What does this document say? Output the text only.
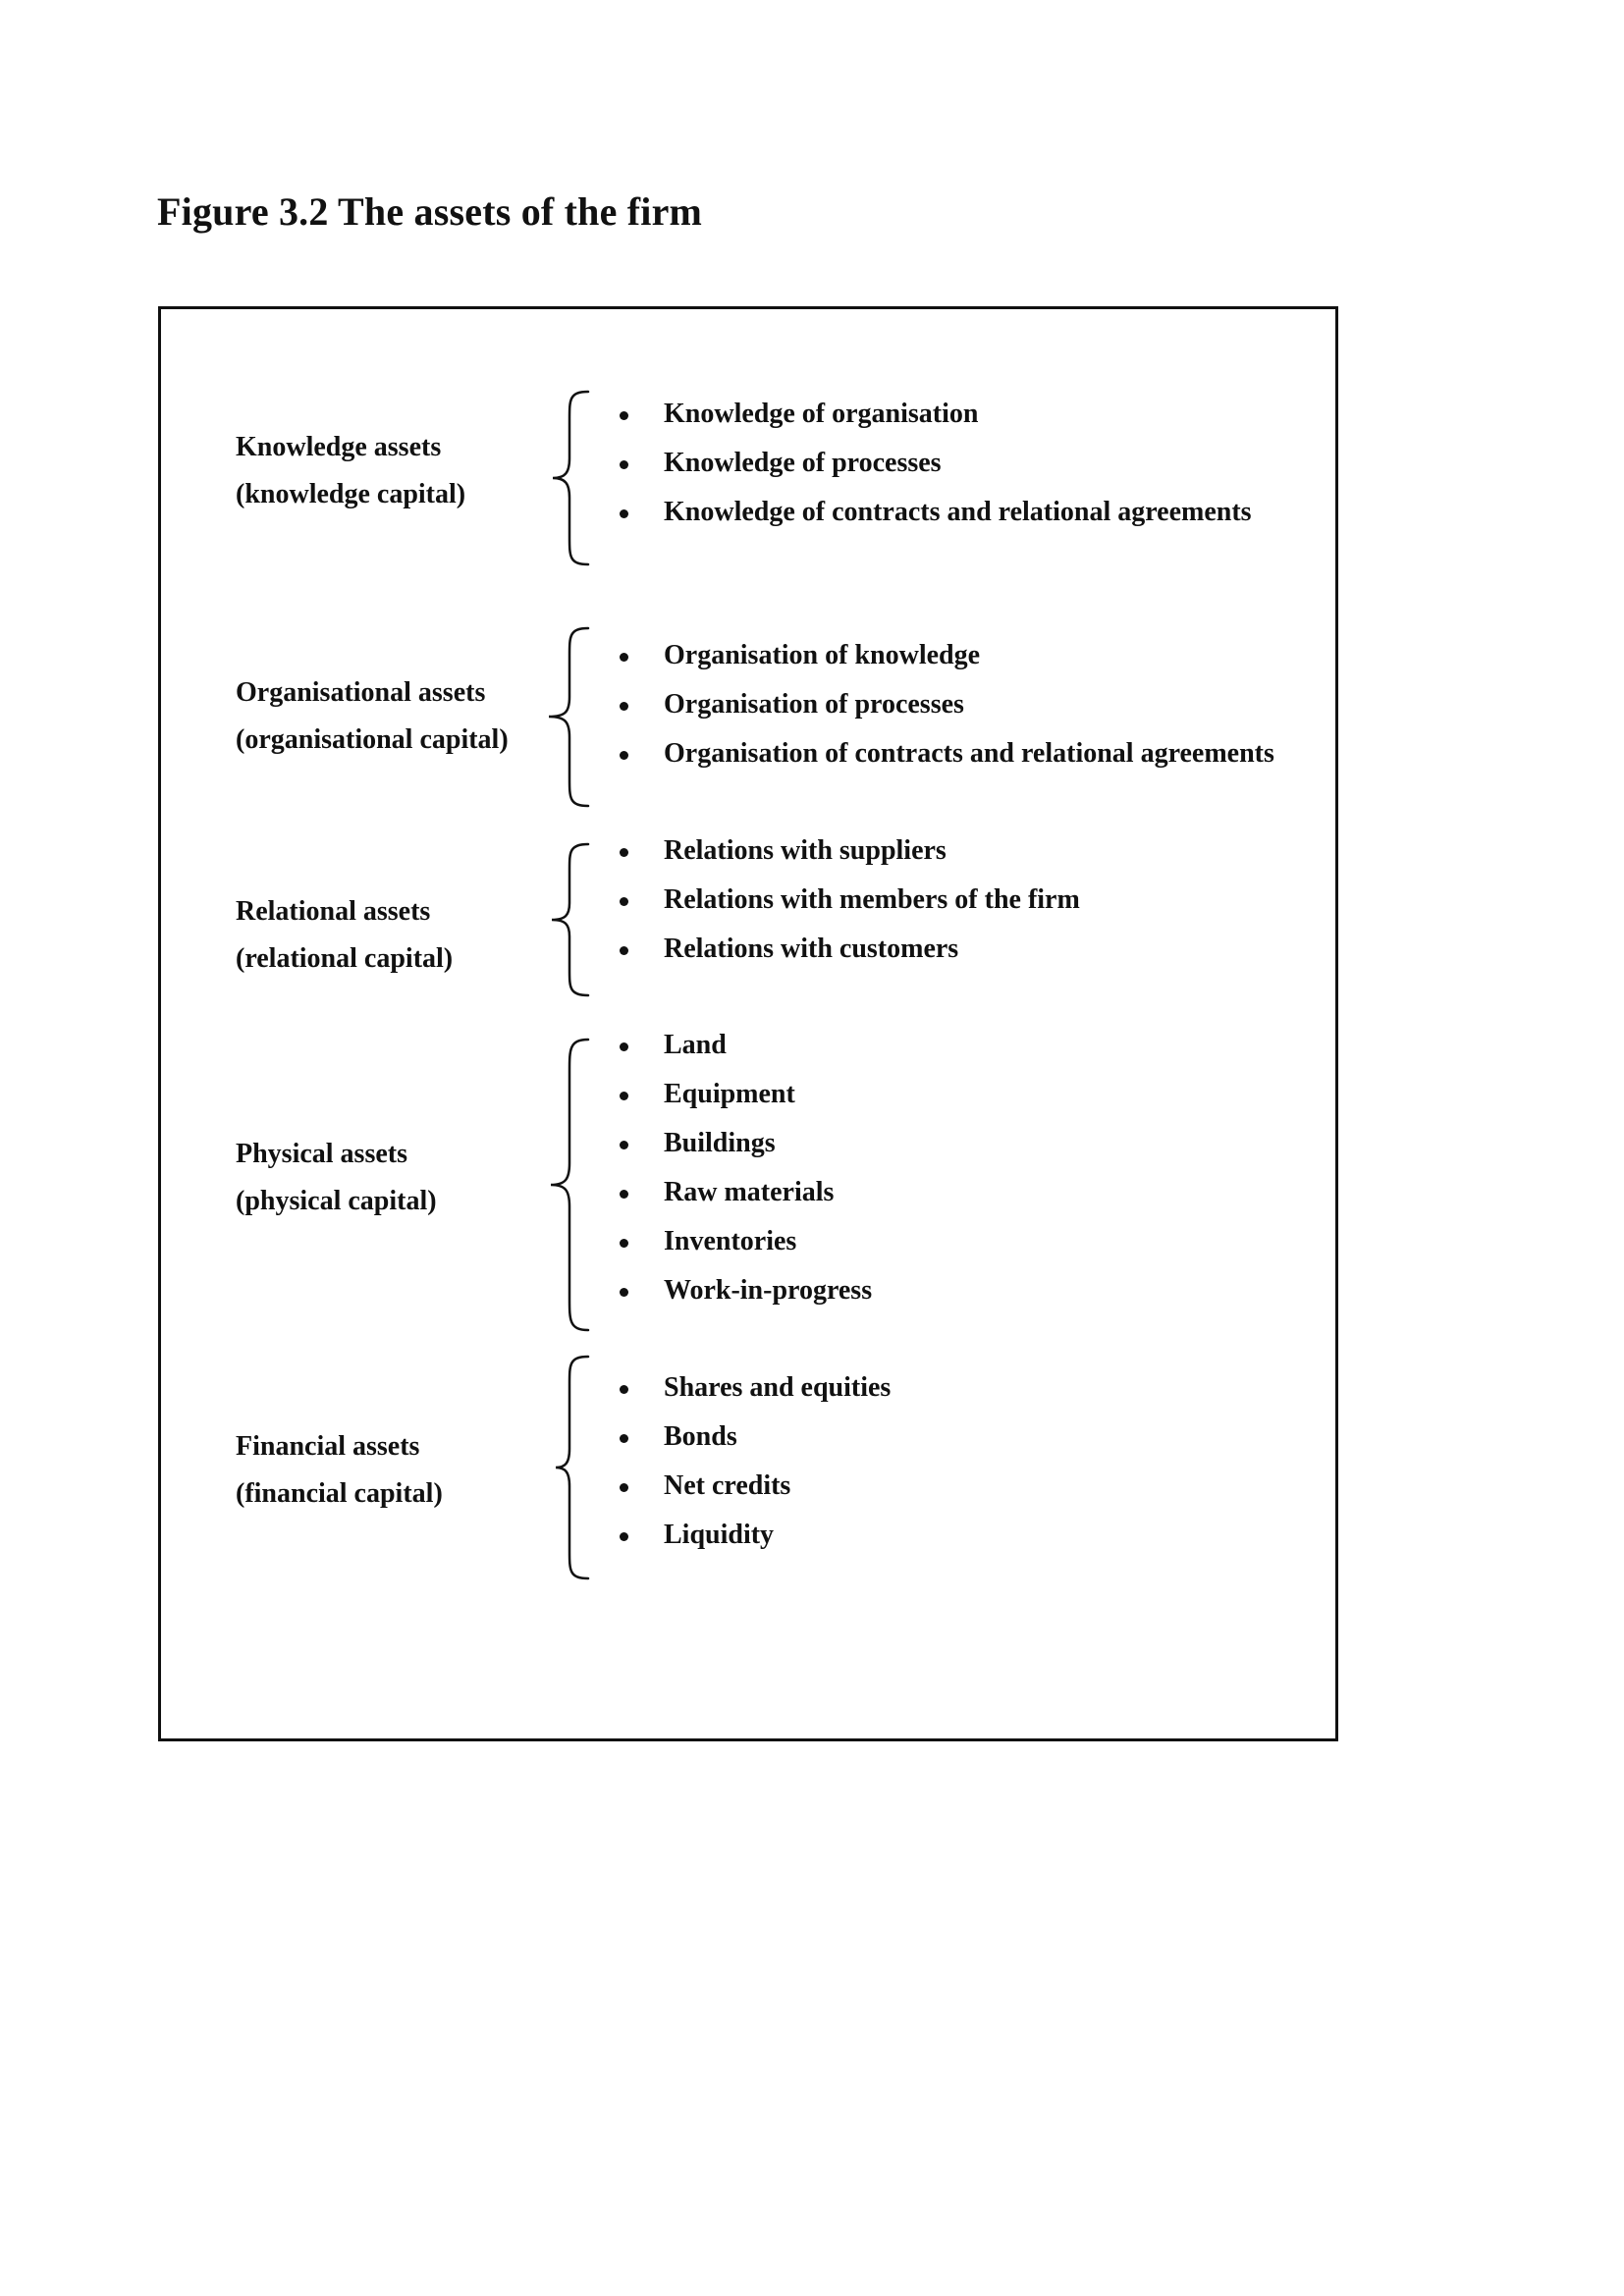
Figure 3.2 The assets of the firm
Knowledge assets
(knowledge capital)
Knowledge of organisation
Knowledge of processes
Knowledge of contracts and relational agreements
Organisational assets
(organisational capital)
Organisation of knowledge
Organisation of processes
Organisation of contracts and relational agreements
Relational assets
(relational capital)
Relations with suppliers
Relations with members of the firm
Relations with customers
Physical assets
(physical capital)
Land
Equipment
Buildings
Raw materials
Inventories
Work-in-progress
Financial assets
(financial capital)
Shares and equities
Bonds
Net credits
Liquidity
